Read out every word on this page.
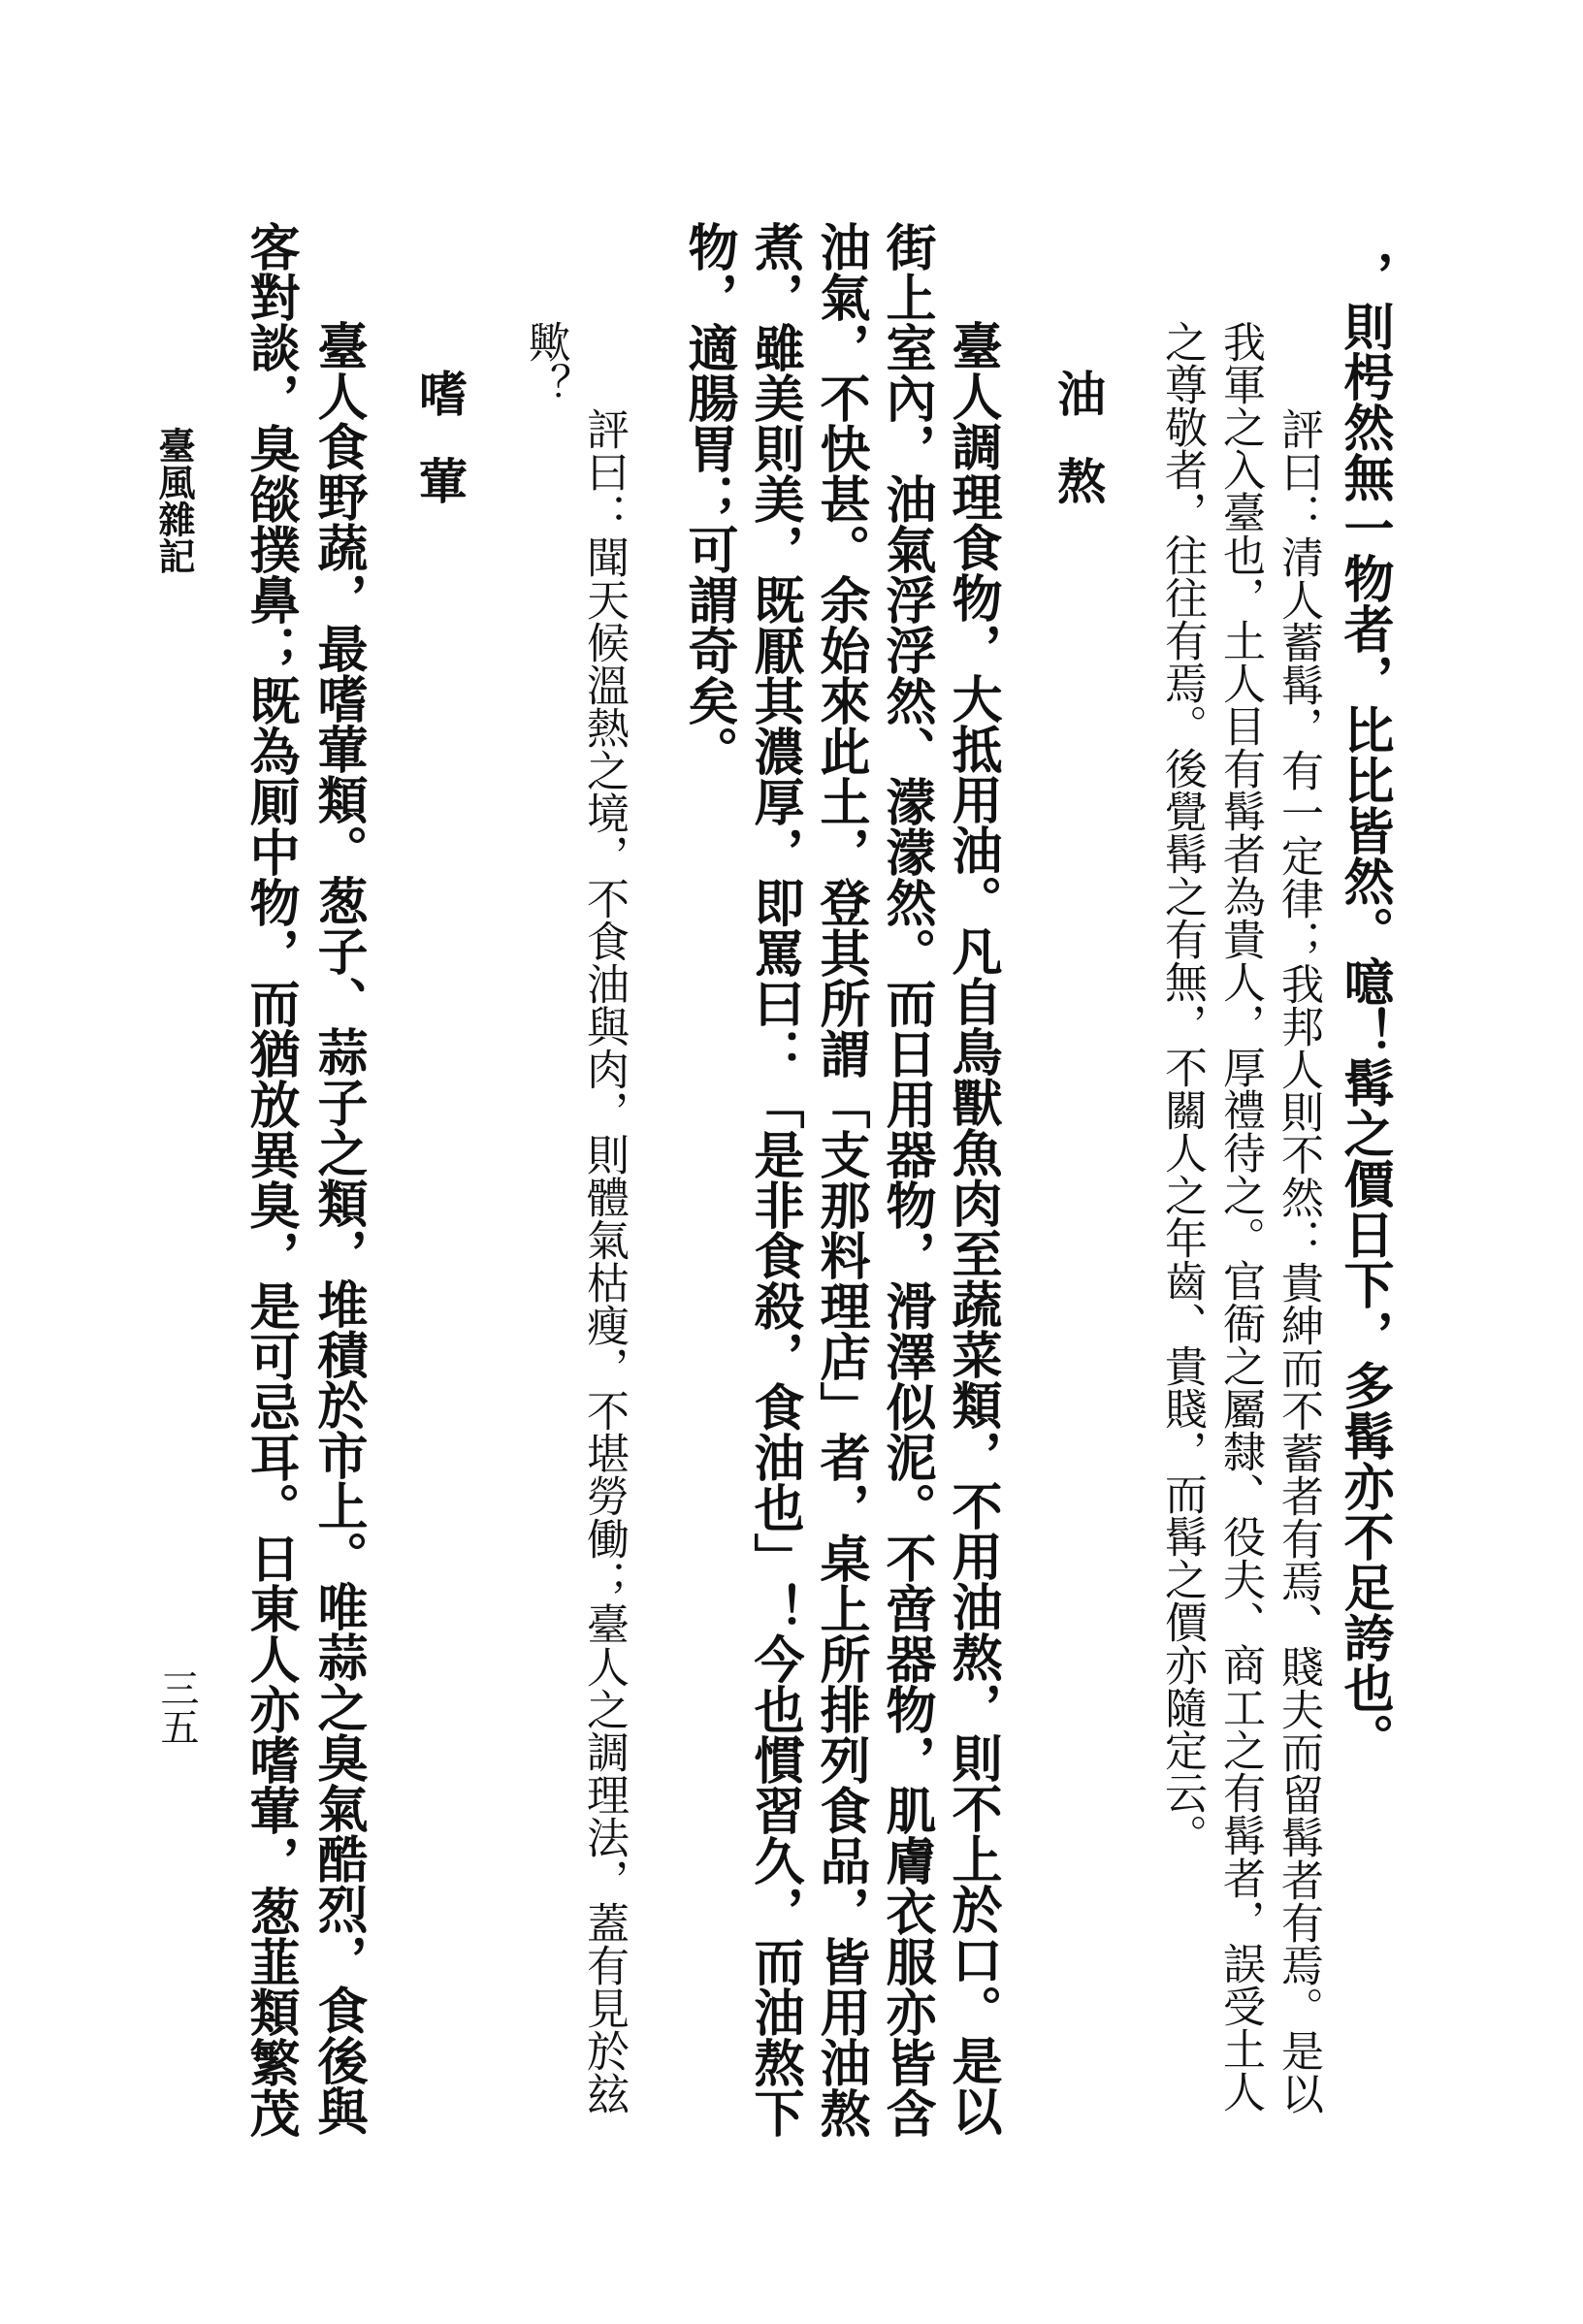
，則枵然無一物者，比比皆然。噫！髯之價日下，多髯亦不足誇也。
評曰：清人蓄髯，有一定律；我邦人則不然：貴紳而不蓄者有焉、賤夫而留髯者有焉。是以
我軍之入臺也，土人目有髯者為貴人，厚禮待之。官衙之屬隸、役夫、商工之有髯者，誤受土人
之尊敬者，往往有焉。後覺髯之有無，不關人之年齒、貴賤，而髯之價亦隨定云。
油熬
臺人調理食物，大抵用油。凡自鳥獸魚肉至蔬菜類，不用油熬，則不上於口。是以
街上室內，油氣浮浮然、濛濛然。而日用器物，滑澤似泥。不啻器物，肌膚衣服亦皆含
油氣，不快甚。余始來此土，登其所謂「支那料理店」者，桌上所排列食品，皆用油熬
煮，雖美則美，既厭其濃厚，即罵曰：「是非食殺，食油也」！今也慣習久，而油熬下
物，適腸胃；可謂奇矣。
評曰：聞天候溫熱之境，不食油與肉，則體氣枯瘦，不堪勞働；臺人之調理法，蓋有見於玆
歟？
嗜葷
臺人食野蔬，最嗜葷類。葱子、蒜子之類，堆積於市上。唯蒜之臭氣酷烈，食後與
客對談，臭燄撲鼻；既為厠中物，而猶放異臭，是可忌耳。日東人亦嗜葷，葱韮類繁茂
臺風雜記
三五
